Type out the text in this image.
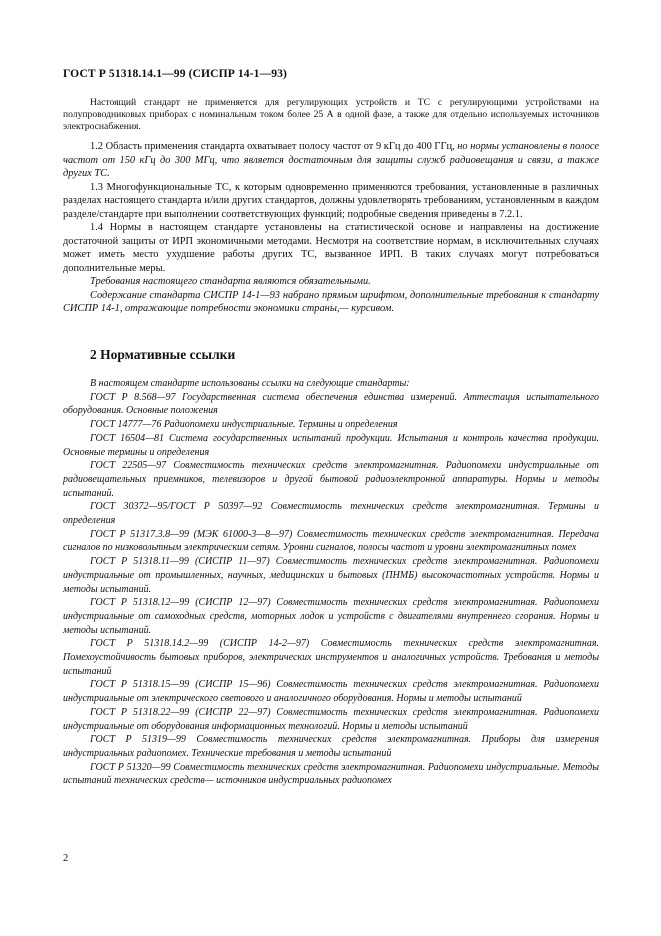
ГОСТ Р 51318.14.1—99 (СИСПР 14-1—93)

Настоящий стандарт не применяется для регулирующих устройств и ТС с регулирующими устройствами на полупроводниковых приборах с номинальным током более 25 А в одной фазе, а также для отдельно используемых источников электроснабжения.

1.2 Область применения стандарта охватывает полосу частот от 9 кГц до 400 ГГц, но нормы установлены в полосе частот от 150 кГц до 300 МГц, что является достаточным для защиты служб радиовещания и связи, а также других ТС.

1.3 Многофункциональные ТС, к которым одновременно применяются требования, установленные в различных разделах настоящего стандарта и/или других стандартов, должны удовлетворять требованиям, установленным в каждом разделе/стандарте при выполнении соответствующих функций; подробные сведения приведены в 7.2.1.

1.4 Нормы в настоящем стандарте установлены на статистической основе и направлены на достижение достаточной защиты от ИРП экономичными методами. Несмотря на соответствие нормам, в исключительных случаях может иметь место ухудшение работы других ТС, вызванное ИРП. В таких случаях могут потребоваться дополнительные меры.

Требования настоящего стандарта являются обязательными.

Содержание стандарта СИСПР 14-1—93 набрано прямым шрифтом, дополнительные требования к стандарту СИСПР 14-1, отражающие потребности экономики страны,— курсивом.

2 Нормативные ссылки

В настоящем стандарте использованы ссылки на следующие стандарты:

ГОСТ Р 8.568—97 Государственная система обеспечения единства измерений. Аттестация испытательного оборудования. Основные положения

ГОСТ 14777—76 Радиопомехи индустриальные. Термины и определения

ГОСТ 16504—81 Система государственных испытаний продукции. Испытания и контроль качества продукции. Основные термины и определения

ГОСТ 22505—97 Совместимость технических средств электромагнитная. Радиопомехи индустриальные от радиовещательных приемников, телевизоров и другой бытовой радиоэлектронной аппаратуры. Нормы и методы испытаний.

ГОСТ 30372—95/ГОСТ Р 50397—92 Совместимость технических средств электромагнитная. Термины и определения

ГОСТ Р 51317.3.8—99 (МЭК 61000-3—8—97) Совместимость технических средств электромагнитная. Передача сигналов по низковольтным электрическим сетям. Уровни сигналов, полосы частот и уровни электромагнитных помех

ГОСТ Р 51318.11—99 (СИСПР 11—97) Совместимость технических средств электромагнитная. Радиопомехи индустриальные от промышленных, научных, медицинских и бытовых (ПНМБ) высокочастотных устройств. Нормы и методы испытаний.

ГОСТ Р 51318.12—99 (СИСПР 12—97) Совместимость технических средств электромагнитная. Радиопомехи индустриальные от самоходных средств, моторных лодок и устройств с двигателями внутреннего сгорания. Нормы и методы испытаний.

ГОСТ Р 51318.14.2—99 (СИСПР 14-2—97) Совместимость технических средств электромагнитная. Помехоустойчивость бытовых приборов, электрических инструментов и аналогичных устройств. Требования и методы испытаний

ГОСТ Р 51318.15—99 (СИСПР 15—96) Совместимость технических средств электромагнитная. Радиопомехи индустриальные от электрического светового и аналогичного оборудования. Нормы и методы испытаний

ГОСТ Р 51318.22—99 (СИСПР 22—97) Совместимость технических средств электромагнитная. Радиопомехи индустриальные от оборудования информационных технологий. Нормы и методы испытаний

ГОСТ Р 51319—99 Совместимость технических средств электромагнитная. Приборы для измерения индустриальных радиопомех. Технические требования и методы испытаний

ГОСТ Р 51320—99 Совместимость технических средств электромагнитная. Радиопомехи индустриальные. Методы испытаний технических средств— источников индустриальных радиопомех

2
